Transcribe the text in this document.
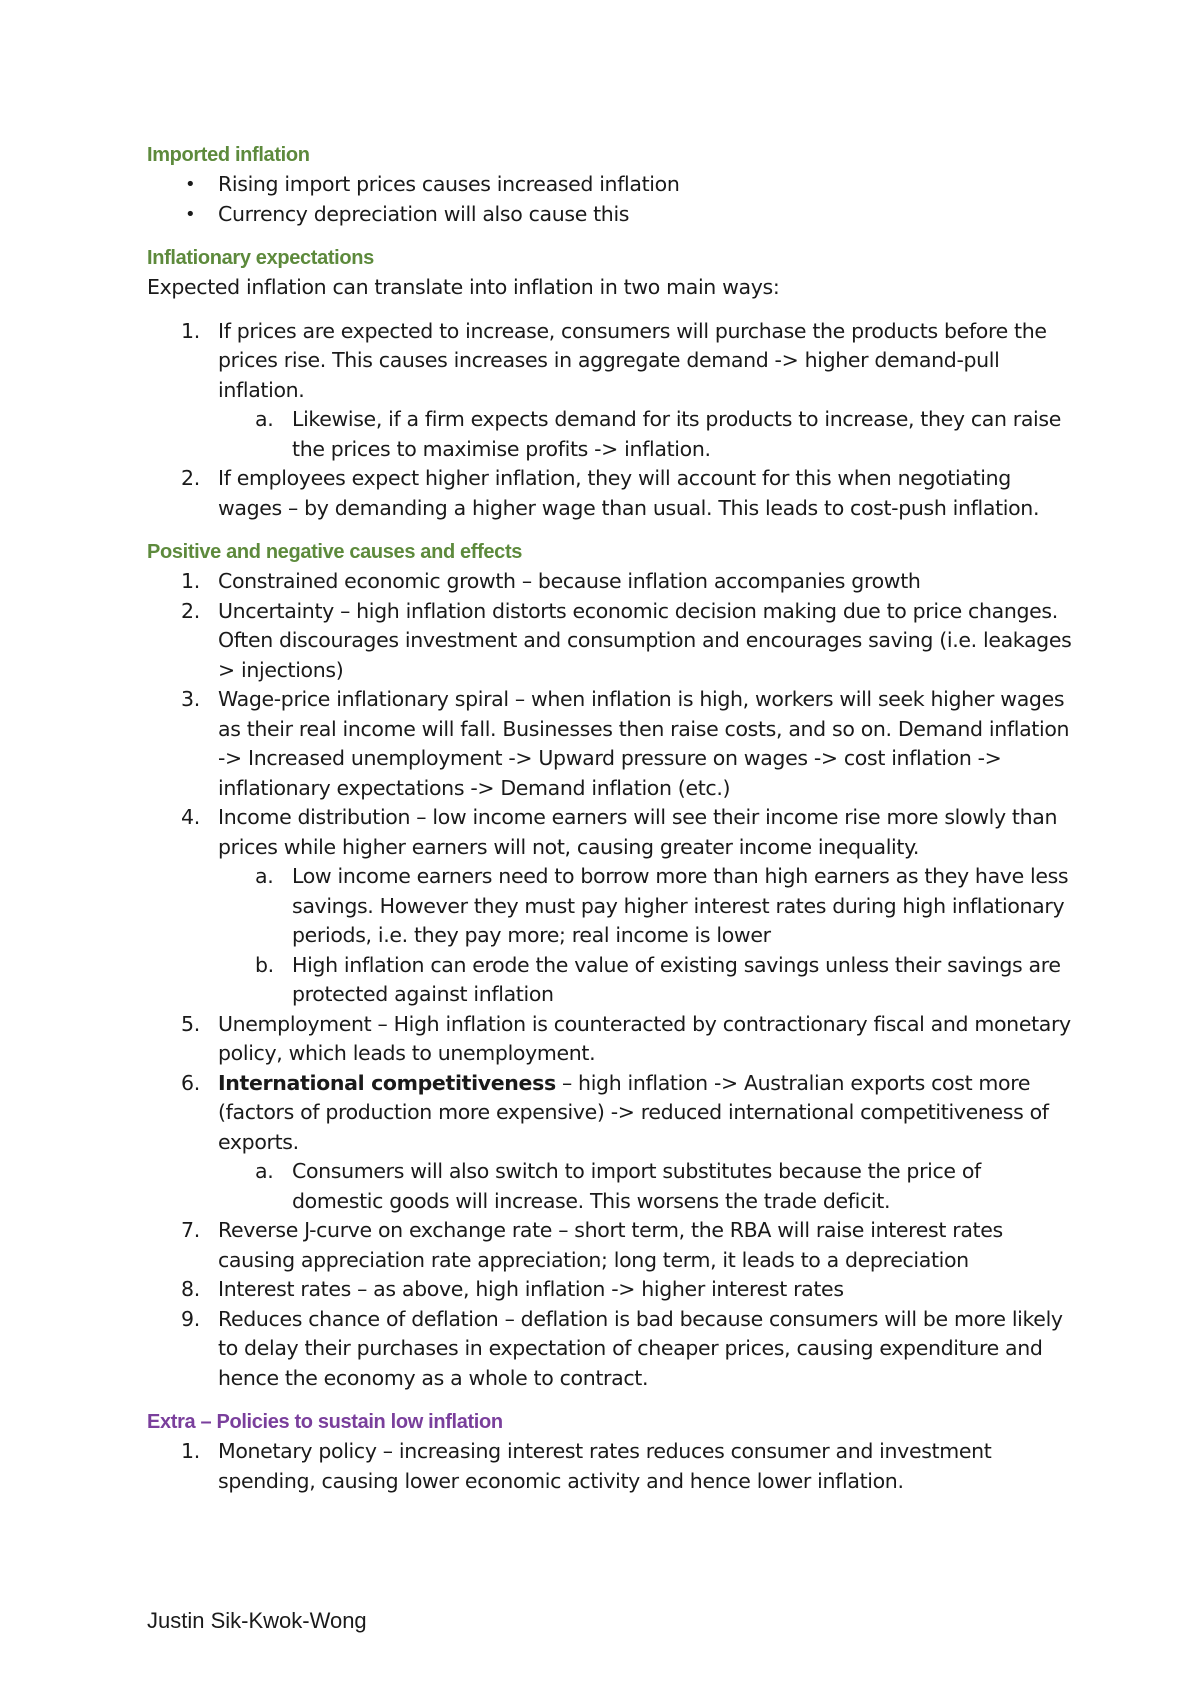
Imported inflation
• Rising import prices causes increased inflation
• Currency depreciation will also cause this
Inflationary expectations

Expected inflation can translate into inflation in two main ways:

1. If prices are expected to increase, consumers will purchase the products before the prices rise. This causes increases in aggregate demand -> higher demand-pull inflation.
a. Likewise, if a firm expects demand for its products to increase, they can raise the prices to maximise profits -> inflation.
2. If employees expect higher inflation, they will account for this when negotiating wages – by demanding a higher wage than usual. This leads to cost-push inflation.
Positive and negative causes and effects
1. Constrained economic growth – because inflation accompanies growth
2. Uncertainty – high inflation distorts economic decision making due to price changes. Often discourages investment and consumption and encourages saving (i.e. leakages > injections)
3. Wage-price inflationary spiral – when inflation is high, workers will seek higher wages as their real income will fall. Businesses then raise costs, and so on. Demand inflation -> Increased unemployment -> Upward pressure on wages -> cost inflation -> inflationary expectations -> Demand inflation (etc.)
4. Income distribution – low income earners will see their income rise more slowly than prices while higher earners will not, causing greater income inequality.
a. Low income earners need to borrow more than high earners as they have less savings. However they must pay higher interest rates during high inflationary periods, i.e. they pay more; real income is lower
b. High inflation can erode the value of existing savings unless their savings are protected against inflation
5. Unemployment – High inflation is counteracted by contractionary fiscal and monetary policy, which leads to unemployment.
6. International competitiveness – high inflation -> Australian exports cost more (factors of production more expensive) -> reduced international competitiveness of exports.
a. Consumers will also switch to import substitutes because the price of domestic goods will increase. This worsens the trade deficit.
7. Reverse J-curve on exchange rate – short term, the RBA will raise interest rates causing appreciation rate appreciation; long term, it leads to a depreciation
8. Interest rates – as above, high inflation -> higher interest rates
9. Reduces chance of deflation – deflation is bad because consumers will be more likely to delay their purchases in expectation of cheaper prices, causing expenditure and hence the economy as a whole to contract.
Extra – Policies to sustain low inflation
1. Monetary policy – increasing interest rates reduces consumer and investment spending, causing lower economic activity and hence lower inflation.
Justin Sik-Kwok-Wong
